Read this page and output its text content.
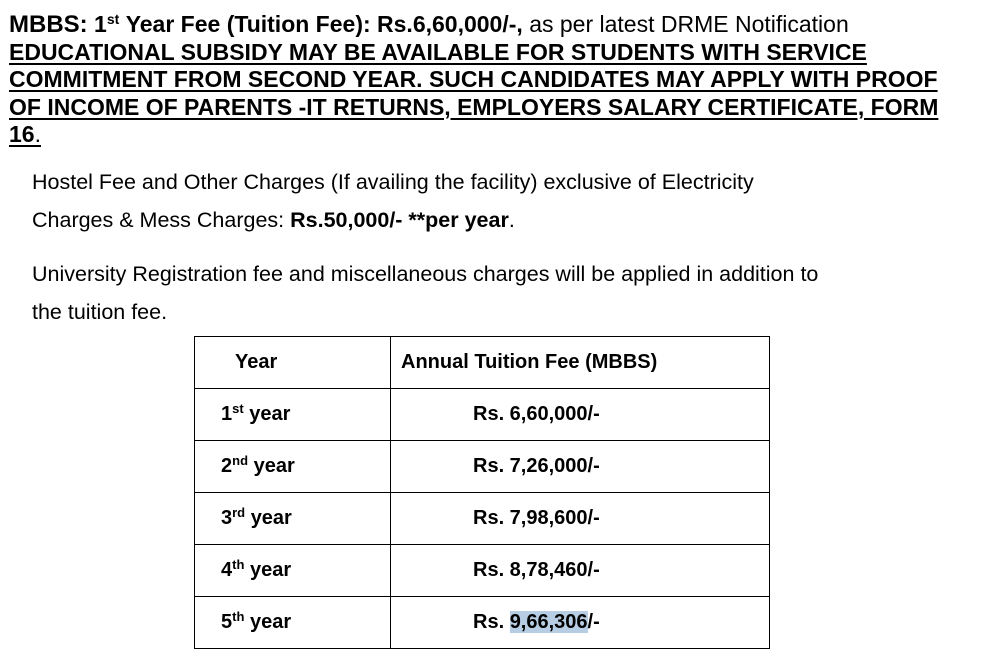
MBBS: 1st Year Fee (Tuition Fee): Rs.6,60,000/-, as per latest DRME Notification
EDUCATIONAL SUBSIDY MAY BE AVAILABLE FOR STUDENTS WITH SERVICE
COMMITMENT FROM SECOND YEAR. SUCH CANDIDATES MAY APPLY WITH PROOF
OF INCOME OF PARENTS -IT RETURNS, EMPLOYERS SALARY CERTIFICATE, FORM
16.
Hostel Fee and Other Charges (If availing the facility) exclusive of Electricity
Charges & Mess Charges: Rs.50,000/- **per year.
University Registration fee and miscellaneous charges will be applied in addition to
the tuition fee.
Year	Annual Tuition Fee (MBBS)
1st year	Rs. 6,60,000/-
2nd year	Rs. 7,26,000/-
3rd year	Rs. 7,98,600/-
4th year	Rs. 8,78,460/-
5th year	Rs. 9,66,306/-
